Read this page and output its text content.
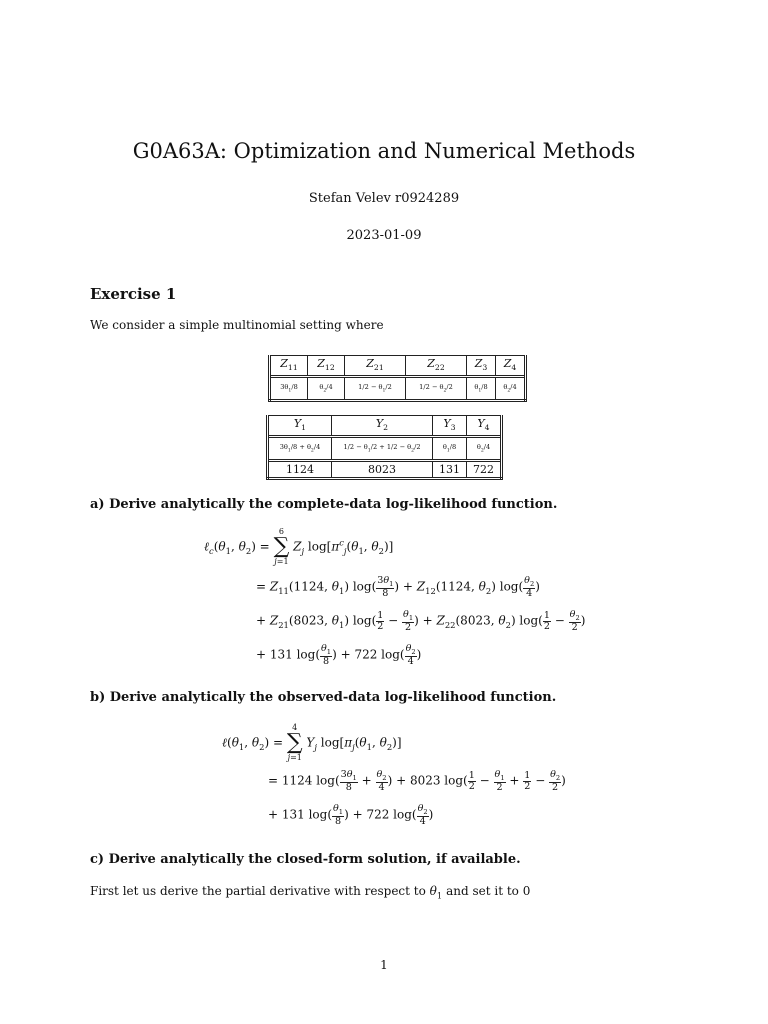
G0A63A: Optimization and Numerical Methods
Stefan Velev r0924289
2023-01-09
Exercise 1
We consider a simple multinomial setting where
$Z_{11}$	$Z_{12}$	$Z_{21}$	$Z_{22}$	$Z_3$	$Z_4$
$3\theta_1/8$	$\theta_2/4$	$1/2 - \theta_1/2$	$1/2 - \theta_2/2$	$\theta_1/8$	$\theta_2/4$
$Y_1$	$Y_2$	$Y_3$	$Y_4$
$3\theta_1/8 + \theta_2/4$	$1/2 - \theta_1/2 + 1/2 - \theta_2/2$	$\theta_1/8$	$\theta_2/4$
1124	8023	131	722
a) Derive analytically the complete-data log-likelihood function.
$\ell_c(\theta_1$, $\theta_2$) =
6
∑
j=1
$Z_j$ $\log[\pi^c_j(\theta_1$, $\theta_2$)]
= $Z_{11}(1124$, $\theta_1$) $\log( \frac{3\theta_1}{8}$ ) + $Z_{12}(1124$, $\theta_2$) $\log( \frac{\theta_2}{4}$ )
+ $Z_{21}(8023$, $\theta_1$) $\log( \frac{1}{2} - \frac{\theta_1}{2}$ ) + $Z_{22}(8023$, $\theta_2$) $\log( \frac{1}{2} - \frac{\theta_2}{2}$ )
+ 131 $\log( \frac{\theta_1}{8}$ ) + 722 $\log( \frac{\theta_2}{4}$ )
b) Derive analytically the observed-data log-likelihood function.
$\ell(\theta_1$, $\theta_2$) =
4
∑
j=1
$Y_j$ $\log[\pi_j(\theta_1$, $\theta_2$)]
= 1124 $\log( \frac{3\theta_1}{8} + \frac{\theta_2}{4}$ ) + 8023 $\log( \frac{1}{2} - \frac{\theta_1}{2} + \frac{1}{2} - \frac{\theta_2}{2}$ )
+ 131 $\log( \frac{\theta_1}{8}$ ) + 722 $\log( \frac{\theta_2}{4}$ )
c) Derive analytically the closed-form solution, if available.
First let us derive the partial derivative with respect to $\theta_1$ and set it to 0
1
